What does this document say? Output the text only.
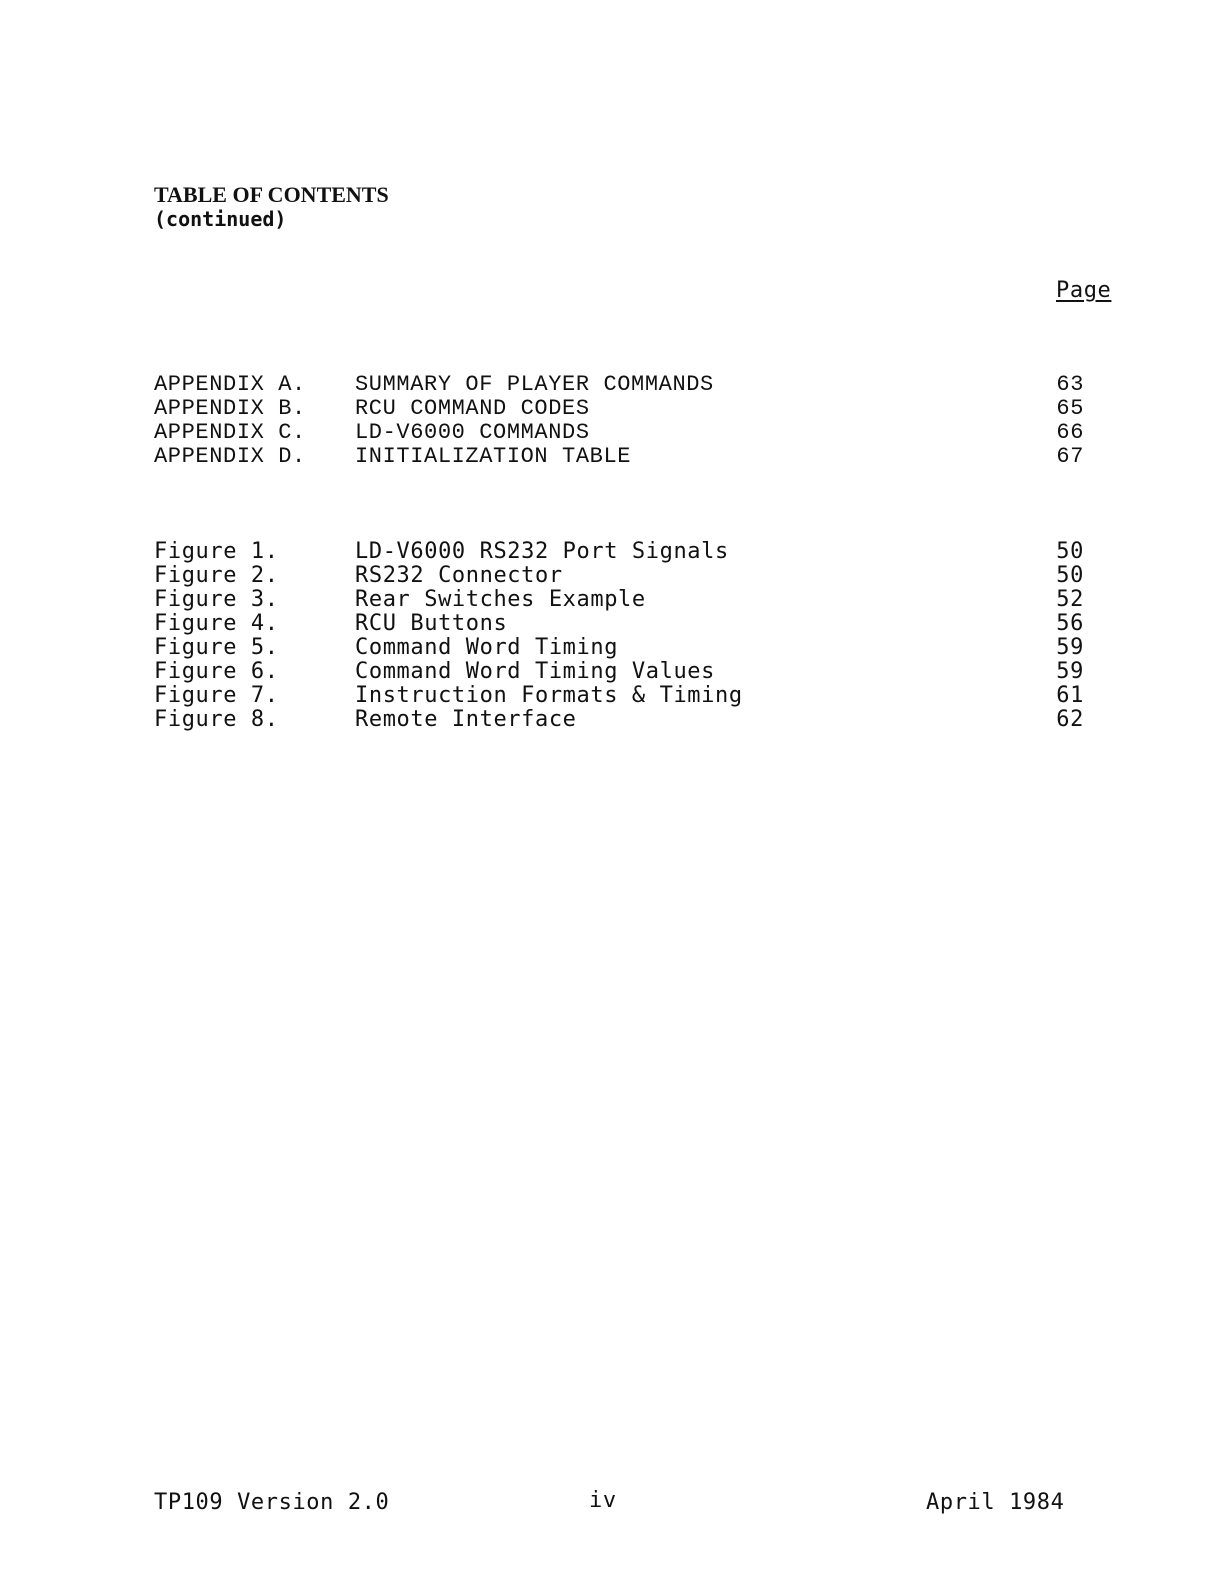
TABLE OF CONTENTS
(continued)
Page
APPENDIX A. SUMMARY OF PLAYER COMMANDS	63
APPENDIX B. RCU COMMAND CODES	65
APPENDIX C. LD-V6000 COMMANDS	66
APPENDIX D. INITIALIZATION TABLE	67
Figure 1.	LD-V6000 RS232 Port Signals	50
Figure 2.	RS232 Connector	50
Figure 3.	Rear Switches Example	52
Figure 4.	RCU Buttons	56
Figure 5.	Command Word Timing	59
Figure 6.	Command Word Timing Values	59
Figure 7.	Instruction Formats & Timing	61
Figure 8.	Remote Interface	62
TP109 Version 2.0	iv	April 1984
